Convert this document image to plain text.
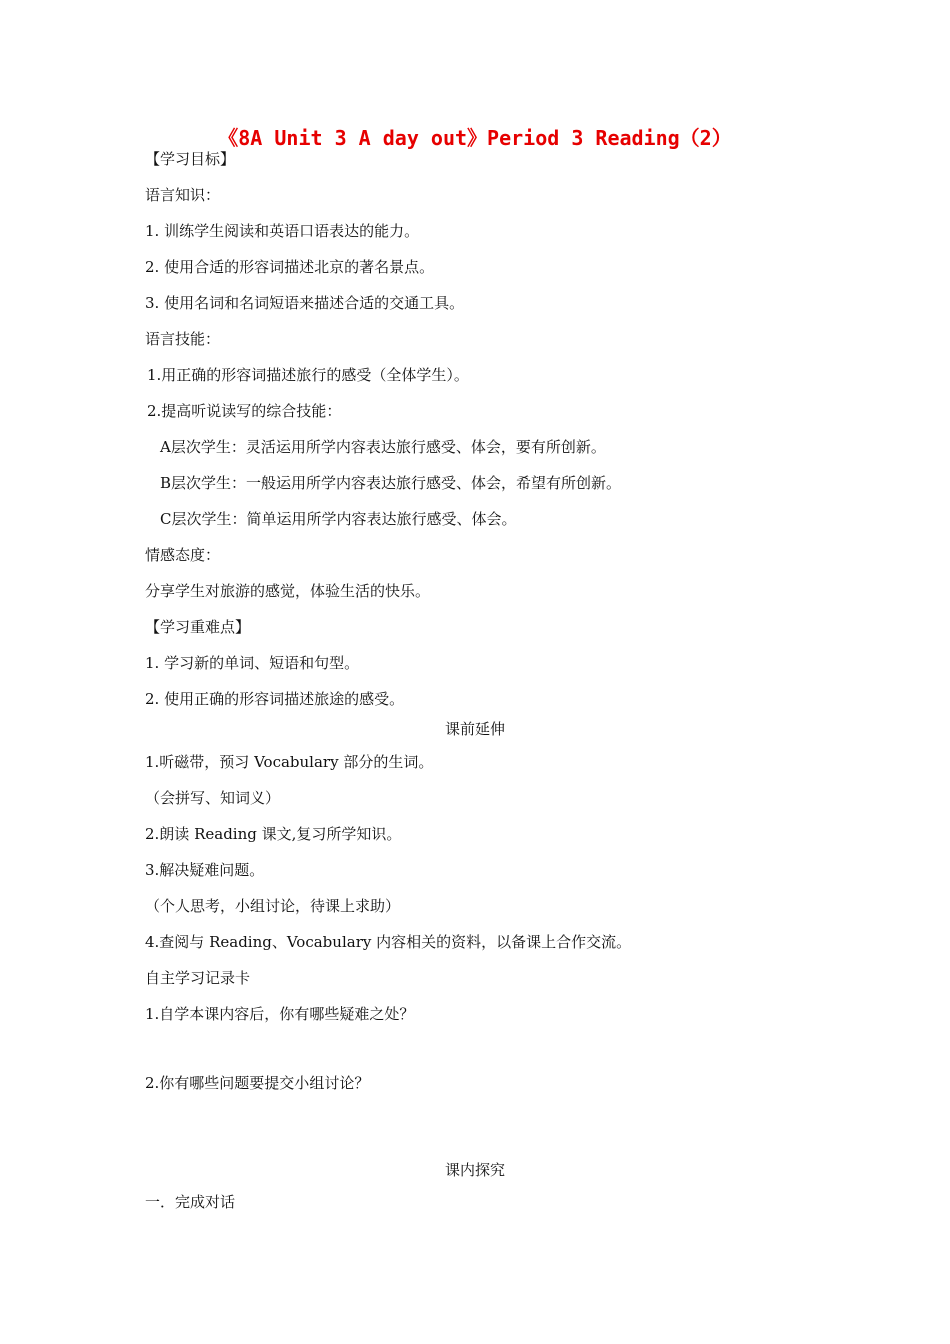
《8A Unit 3 A day out》Period 3 Reading（2）
【学习目标】
语言知识：
1. 训练学生阅读和英语口语表达的能力。
2. 使用合适的形容词描述北京的著名景点。
3. 使用名词和名词短语来描述合适的交通工具。
语言技能：
1.用正确的形容词描述旅行的感受（全体学生）。
2.提高听说读写的综合技能：
A层次学生：灵活运用所学内容表达旅行感受、体会，要有所创新。
B层次学生：一般运用所学内容表达旅行感受、体会，希望有所创新。
C层次学生：简单运用所学内容表达旅行感受、体会。
情感态度：
分享学生对旅游的感觉，体验生活的快乐。
【学习重难点】
1. 学习新的单词、短语和句型。
2. 使用正确的形容词描述旅途的感受。
课前延伸
1.听磁带，预习 Vocabulary 部分的生词。
（会拼写、知词义）
2.朗读 Reading 课文,复习所学知识。
3.解决疑难问题。
（个人思考，小组讨论，待课上求助）
4.查阅与 Reading、Vocabulary 内容相关的资料，以备课上合作交流。
自主学习记录卡
1.自学本课内容后，你有哪些疑难之处？
2.你有哪些问题要提交小组讨论？
课内探究
一．完成对话
